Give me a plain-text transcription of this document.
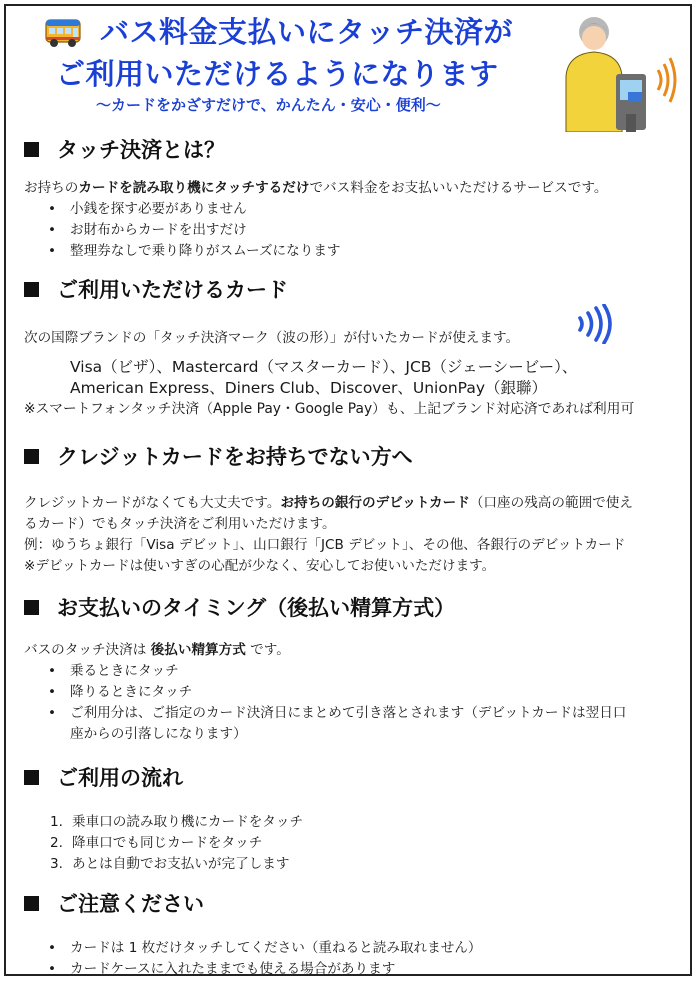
バス料金支払いにタッチ決済が
ご利用いただけるようになります
～カードをかざすだけで、かんたん・安心・便利～
タッチ決済とは？
お持ちのカードを読み取り機にタッチするだけでバス料金をお支払いいただけるサービスです。
• 小銭を探す必要がありません
• お財布からカードを出すだけ
• 整理券なしで乗り降りがスムーズになります
ご利用いただけるカード
次の国際ブランドの「タッチ決済マーク（波の形）」が付いたカードが使えます。
Visa（ビザ）、Mastercard（マスターカード）、JCB（ジェーシービー）、
American Express、Diners Club、Discover、UnionPay（銀聯）
※スマートフォンタッチ決済（Apple Pay・Google Pay）も、上記ブランド対応済であれば利用可
クレジットカードをお持ちでない方へ
クレジットカードがなくても大丈夫です。お持ちの銀行のデビットカード（口座の残高の範囲で使え
るカード）でもタッチ決済をご利用いただけます。
例：ゆうちょ銀行「Visa デビット」、山口銀行「JCB デビット」、その他、各銀行のデビットカード
※デビットカードは使いすぎの心配が少なく、安心してお使いいただけます。
お支払いのタイミング（後払い精算方式）
バスのタッチ決済は 後払い精算方式 です。
• 乗るときにタッチ
• 降りるときにタッチ
• ご利用分は、ご指定のカード決済日にまとめて引き落とされます（デビットカードは翌日口
座からの引落しになります）
ご利用の流れ
1. 乗車口の読み取り機にカードをタッチ
2. 降車口でも同じカードをタッチ
3. あとは自動でお支払いが完了します
ご注意ください
• カードは 1 枚だけタッチしてください（重ねると読み取れません）
• カードケースに入れたままでも使える場合があります
